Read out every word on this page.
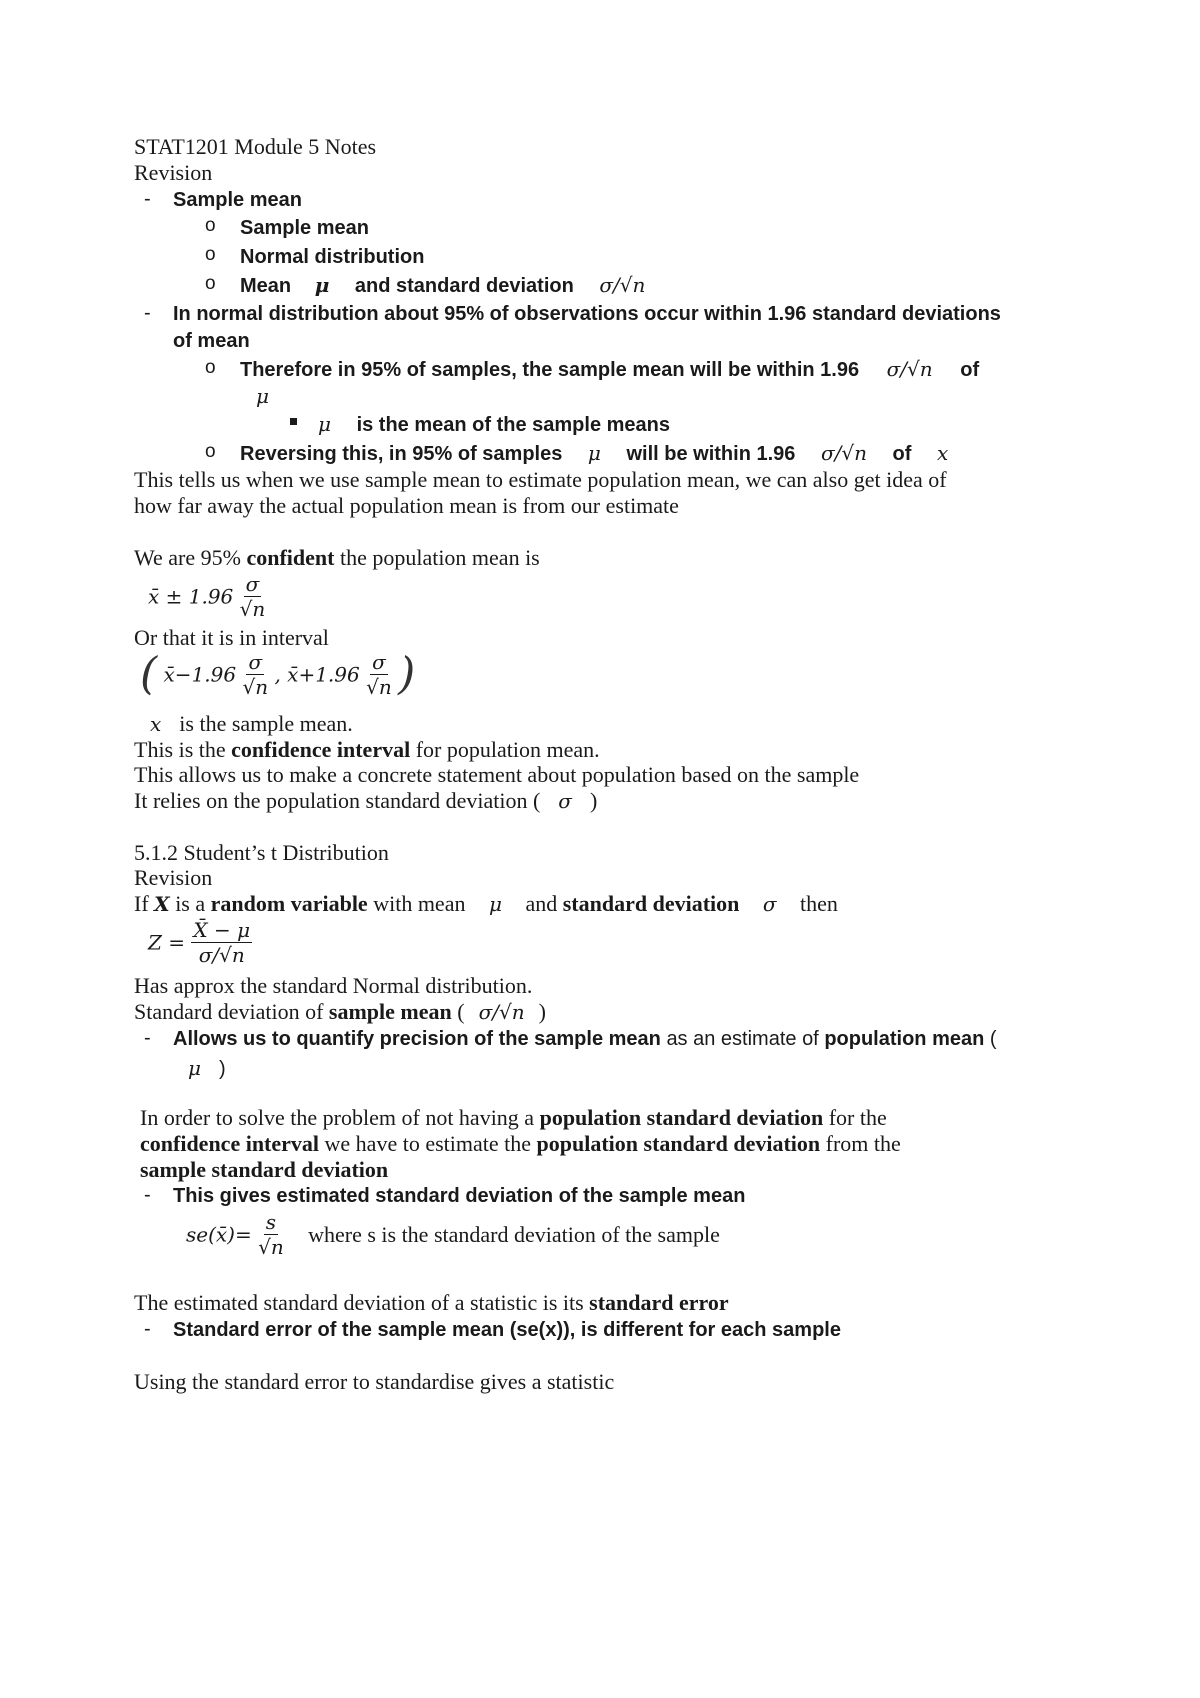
STAT1201 Module 5 Notes
Revision
- Sample mean
o Sample mean
o Normal distribution
o Mean μ and standard deviation σ/√n
- In normal distribution about 95% of observations occur within 1.96 standard deviations
of mean
o Therefore in 95% of samples, the sample mean will be within 1.96 σ/√n of
μ
μ is the mean of the sample means
o Reversing this, in 95% of samples μ will be within 1.96 σ/√n of x
This tells us when we use sample mean to estimate population mean, we can also get idea of
how far away the actual population mean is from our estimate
We are 95% confident the population mean is
x̄ ± $1.96 \frac{\sigma}{√n}$
Or that it is in interval
( x̄−1.96 $\frac{\sigma}{√n}$ , x̄+1.96 $\frac{\sigma}{√n}$ )
x is the sample mean.
This is the confidence interval for population mean.
This allows us to make a concrete statement about population based on the sample
It relies on the population standard deviation ( σ )
5.1.2 Student’s t Distribution
Revision
If X is a random variable with mean μ and standard deviation σ then
$Z = \frac{X̄ - \mu}{\sigma/√n}$
Has approx the standard Normal distribution.
Standard deviation of sample mean ( σ/√n )
- Allows us to quantify precision of the sample mean as an estimate of population mean (
μ )
In order to solve the problem of not having a population standard deviation for the
confidence interval we have to estimate the population standard deviation from the
sample standard deviation
- This gives estimated standard deviation of the sample mean
se(x̄)= $\frac{s}{√n}$ where s is the standard deviation of the sample
The estimated standard deviation of a statistic is its standard error
- Standard error of the sample mean (se(x)), is different for each sample
Using the standard error to standardise gives a statistic
